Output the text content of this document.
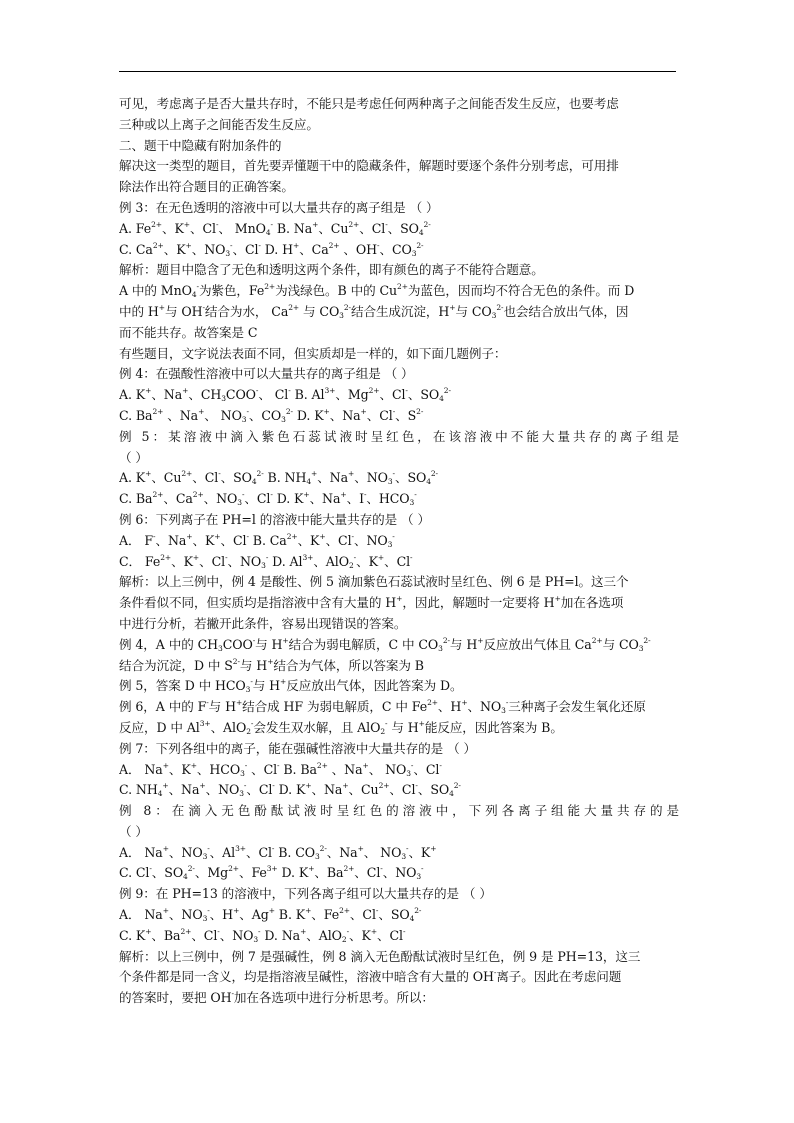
可见，考虑离子是否大量共存时，不能只是考虑任何两种离子之间能否发生反应，也要考虑
三种或以上离子之间能否发生反应。
二、题干中隐藏有附加条件的
解决这一类型的题目，首先要弄懂题干中的隐藏条件，解题时要逐个条件分别考虑，可用排
除法作出符合题目的正确答案。
例 3：在无色透明的溶液中可以大量共存的离子组是 （ ）
A. Fe2+、K+、Cl-、 MnO4- B. Na+、Cu2+、Cl-、SO42-
C. Ca2+、K+、NO3-、Cl- D. H+、Ca2+ 、OH-、CO32-
解析：题目中隐含了无色和透明这两个条件，即有颜色的离子不能符合题意。
A 中的 MnO4-为紫色，Fe2+为浅绿色。B 中的 Cu2+为蓝色，因而均不符合无色的条件。而 D
中的 H+与 OH-结合为水， Ca2+ 与 CO32-结合生成沉淀，H+与 CO32-也会结合放出气体，因
而不能共存。故答案是 C
有些题目，文字说法表面不同，但实质却是一样的，如下面几题例子：
例 4：在强酸性溶液中可以大量共存的离子组是 （ ）
A. K+、Na+、CH3COO-、 Cl- B. Al3+、Mg2+、Cl-、SO42-
C. Ba2+ 、Na+、 NO3-、CO32- D. K+、Na+、Cl-、S2-
例 5：某溶液中滴入紫色石蕊试液时呈红色，在该溶液中不能大量共存的离子组是
（ ）
A. K+、Cu2+、Cl-、SO42- B. NH4+、Na+、NO3-、SO42-
C. Ba2+、Ca2+、NO3-、Cl- D. K+、Na+、I-、HCO3-
例 6：下列离子在 PH=l 的溶液中能大量共存的是 （ ）
A． F-、Na+、K+、Cl- B. Ca2+、K+、Cl-、NO3-
C． Fe2+、K+、Cl-、NO3- D. Al3+、AlO2-、K+、Cl-
解析：以上三例中，例 4 是酸性、例 5 滴加紫色石蕊试液时呈红色、例 6 是 PH=l。这三个
条件看似不同，但实质均是指溶液中含有大量的 H+，因此，解题时一定要将 H+加在各选项
中进行分析，若撇开此条件，容易出现错误的答案。
例 4，A 中的 CH3COO-与 H+结合为弱电解质，C 中 CO32-与 H+反应放出气体且 Ca2+与 CO32-
结合为沉淀，D 中 S2-与 H+结合为气体，所以答案为 B
例 5，答案 D 中 HCO3-与 H+反应放出气体，因此答案为 D。
例 6，A 中的 F-与 H+结合成 HF 为弱电解质，C 中 Fe2+、H+、NO3-三种离子会发生氧化还原
反应，D 中 Al3+、AlO2-会发生双水解，且 AlO2- 与 H+能反应，因此答案为 B。
例 7：下列各组中的离子，能在强碱性溶液中大量共存的是 （ ）
A． Na+、K+、HCO3- 、Cl- B. Ba2+ 、Na+、 NO3-、Cl-
C. NH4+、Na+、NO3-、Cl- D. K+、Na+、Cu2+、Cl-、SO42-
例 8：在滴入无色酚酞试液时呈红色的溶液中，下列各离子组能大量共存的是
（ ）
A． Na+、NO3-、Al3+、Cl- B. CO32-、Na+、 NO3-、K+
C. Cl-、SO42-、Mg2+、Fe3+ D. K+、Ba2+、Cl-、NO3-
例 9：在 PH=13 的溶液中，下列各离子组可以大量共存的是 （ ）
A． Na+、NO3-、H+、Ag+ B. K+、Fe2+、Cl-、SO42-
C. K+、Ba2+、Cl-、NO3- D. Na+、AlO2-、K+、Cl-
解析：以上三例中，例 7 是强碱性，例 8 滴入无色酚酞试液时呈红色，例 9 是 PH=13，这三
个条件都是同一含义，均是指溶液呈碱性，溶液中暗含有大量的 OH-离子。因此在考虑问题
的答案时，要把 OH-加在各选项中进行分析思考。所以：
